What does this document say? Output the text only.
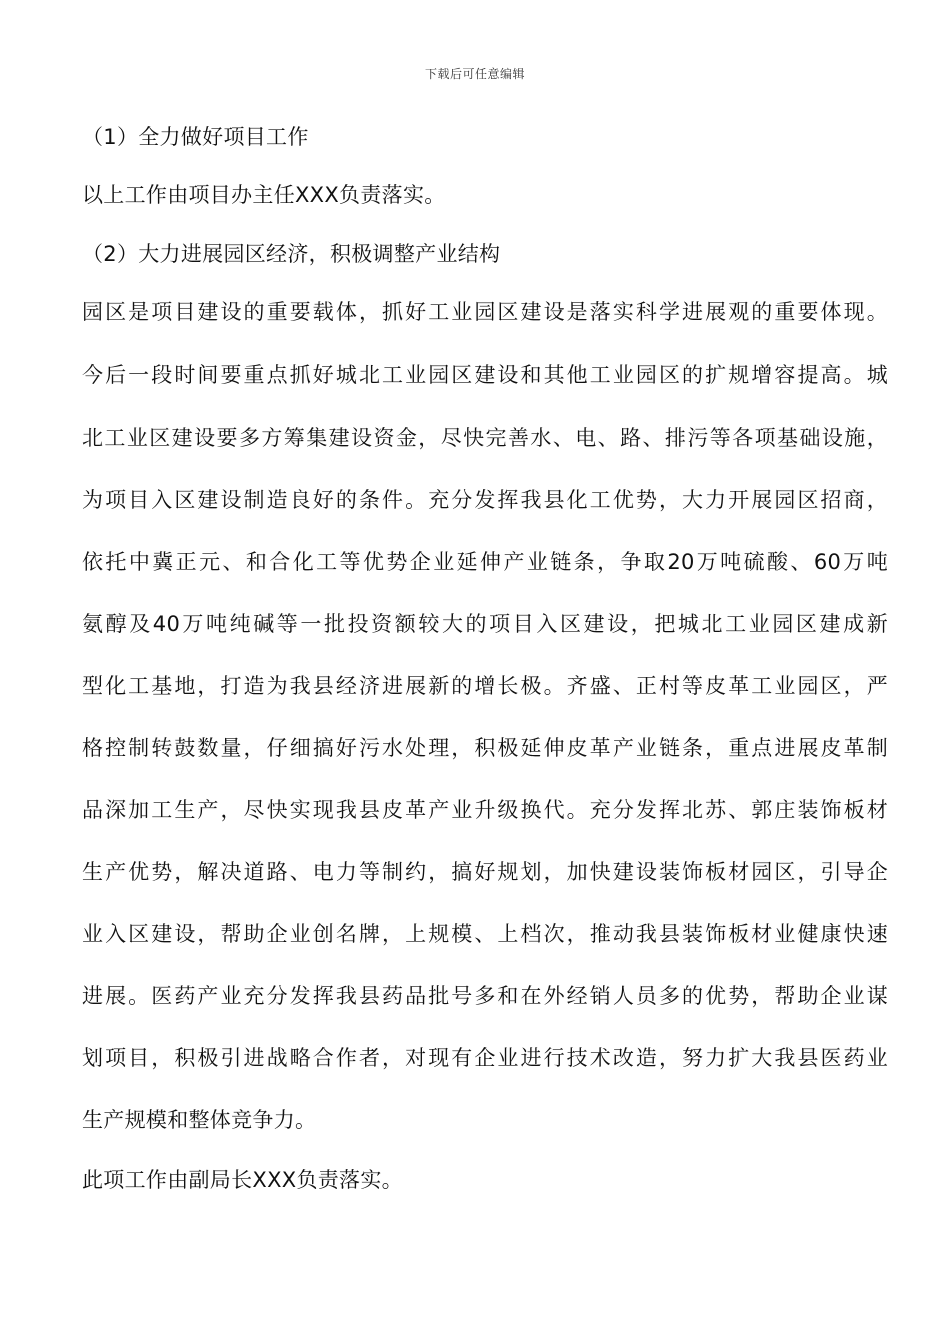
下载后可任意编辑
（1）全力做好项目工作
以上工作由项目办主任XXX负责落实。
（2）大力进展园区经济，积极调整产业结构
园区是项目建设的重要载体，抓好工业园区建设是落实科学进展观的重要体现。
今后一段时间要重点抓好城北工业园区建设和其他工业园区的扩规增容提高。城
北工业区建设要多方筹集建设资金，尽快完善水、电、路、排污等各项基础设施，
为项目入区建设制造良好的条件。充分发挥我县化工优势，大力开展园区招商，
依托中冀正元、和合化工等优势企业延伸产业链条，争取20万吨硫酸、60万吨
氨醇及40万吨纯碱等一批投资额较大的项目入区建设，把城北工业园区建成新
型化工基地，打造为我县经济进展新的增长极。齐盛、正村等皮革工业园区，严
格控制转鼓数量，仔细搞好污水处理，积极延伸皮革产业链条，重点进展皮革制
品深加工生产，尽快实现我县皮革产业升级换代。充分发挥北苏、郭庄装饰板材
生产优势，解决道路、电力等制约，搞好规划，加快建设装饰板材园区，引导企
业入区建设，帮助企业创名牌，上规模、上档次，推动我县装饰板材业健康快速
进展。医药产业充分发挥我县药品批号多和在外经销人员多的优势，帮助企业谋
划项目，积极引进战略合作者，对现有企业进行技术改造，努力扩大我县医药业
生产规模和整体竞争力。
此项工作由副局长XXX负责落实。
